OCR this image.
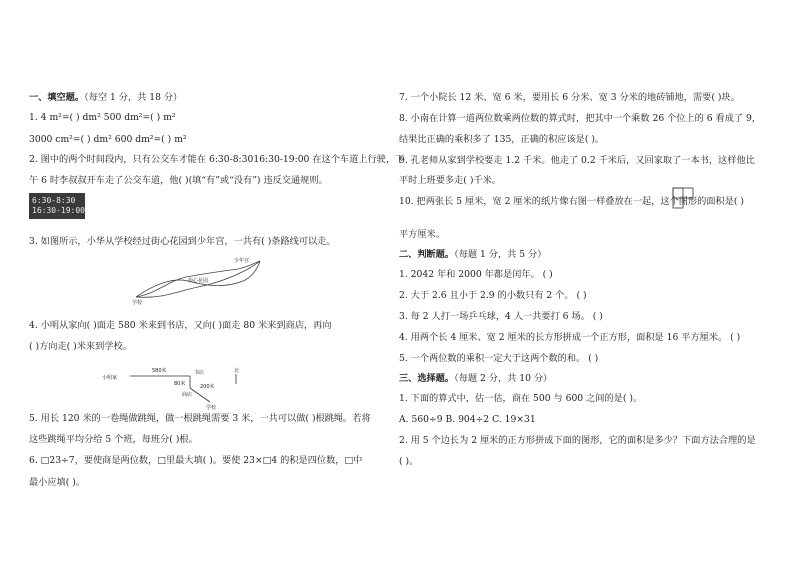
一、填空题。（每空 1 分，共 18 分）
1. 4 m²=( ) dm² 500 dm²=( ) m²
3000 cm²=( ) dm² 600 dm²=( ) m²
2. 图中的两个时间段内，只有公交车才能在 6:30-8:3016:30-19:00 在这个车道上行驶，下
午 6 时李叔叔开车走了公交车道，他( )(填“有”或“没有”) 违反交通规则。
6:30-8:30
16:30-19:00
3. 如图所示，小华从学校经过街心花园到少年宫，一共有( )条路线可以走。
少年宫
街心花园
学校
4. 小明从家向( )面走 580 米来到书店，又向( )面走 80 米来到商店，再向
( )方向走( )米来到学校。
小明家
580米	书店
80米	200米
商店
学校
北
5. 用长 120 米的一卷绳做跳绳，做一根跳绳需要 3 米，一共可以做( )根跳绳。若将
这些跳绳平均分给 5 个班，每班分( )根。
6. □23÷7，要使商是两位数，□里最大填( )。要使 23×□4 的积是四位数，□中
最小应填( )。
7. 一个小院长 12 米、宽 6 米，要用长 6 分米、宽 3 分米的地砖铺地，需要( )块。
8. 小南在计算一道两位数乘两位数的算式时，把其中一个乘数 26 个位上的 6 看成了 9，
结果比正确的乘积多了 135，正确的积应该是( )。
9. 孔老师从家到学校要走 1.2 千米。他走了 0.2 千米后，又回家取了一本书，这样他比
平时上班要多走( )千米。
10. 把两张长 5 厘米，宽 2 厘米的纸片像右图一样叠放在一起，这个图形的面积是( )
平方厘米。
二、判断题。（每题 1 分，共 5 分）
1. 2042 年和 2000 年都是闰年。 ( )
2. 大于 2.6 且小于 2.9 的小数只有 2 个。 ( )
3. 每 2 人打一场乒乓球，4 人一共要打 6 场。 ( )
4. 用两个长 4 厘米、宽 2 厘米的长方形拼成一个正方形，面积是 16 平方厘米。 ( )
5. 一个两位数的乘积一定大于这两个数的和。 ( )
三、选择题。（每题 2 分，共 10 分）
1. 下面的算式中，估一估，商在 500 与 600 之间的是( )。
A. 560÷9 B. 904÷2 C. 19×31
2. 用 5 个边长为 2 厘米的正方形拼成下面的图形，它的面积是多少？下面方法合理的是
( )。
